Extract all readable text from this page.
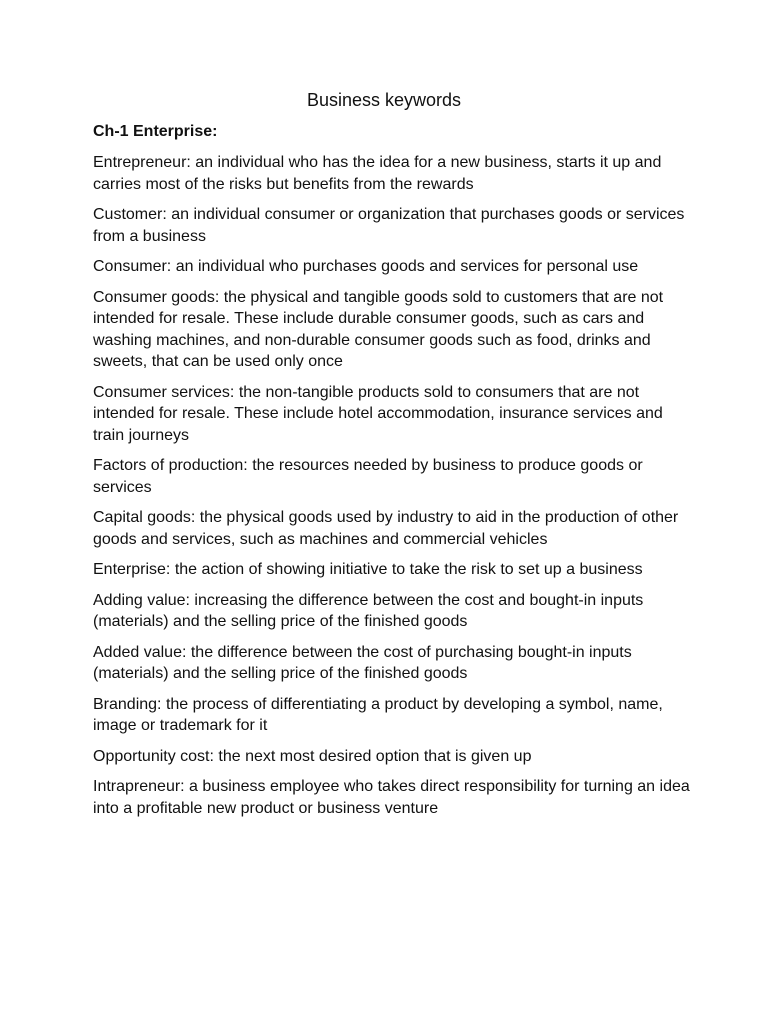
Business keywords

Ch-1 Enterprise:

Entrepreneur: an individual who has the idea for a new business, starts it up and carries most of the risks but benefits from the rewards

Customer: an individual consumer or organization that purchases goods or services from a business

Consumer: an individual who purchases goods and services for personal use

Consumer goods: the physical and tangible goods sold to customers that are not intended for resale. These include durable consumer goods, such as cars and washing machines, and non-durable consumer goods such as food, drinks and sweets, that can be used only once

Consumer services: the non-tangible products sold to consumers that are not intended for resale. These include hotel accommodation, insurance services and train journeys

Factors of production: the resources needed by business to produce goods or services

Capital goods: the physical goods used by industry to aid in the production of other goods and services, such as machines and commercial vehicles

Enterprise: the action of showing initiative to take the risk to set up a business

Adding value: increasing the difference between the cost and bought-in inputs (materials) and the selling price of the finished goods

Added value: the difference between the cost of purchasing bought-in inputs (materials) and the selling price of the finished goods

Branding: the process of differentiating a product by developing a symbol, name, image or trademark for it

Opportunity cost: the next most desired option that is given up

Intrapreneur: a business employee who takes direct responsibility for turning an idea into a profitable new product or business venture
